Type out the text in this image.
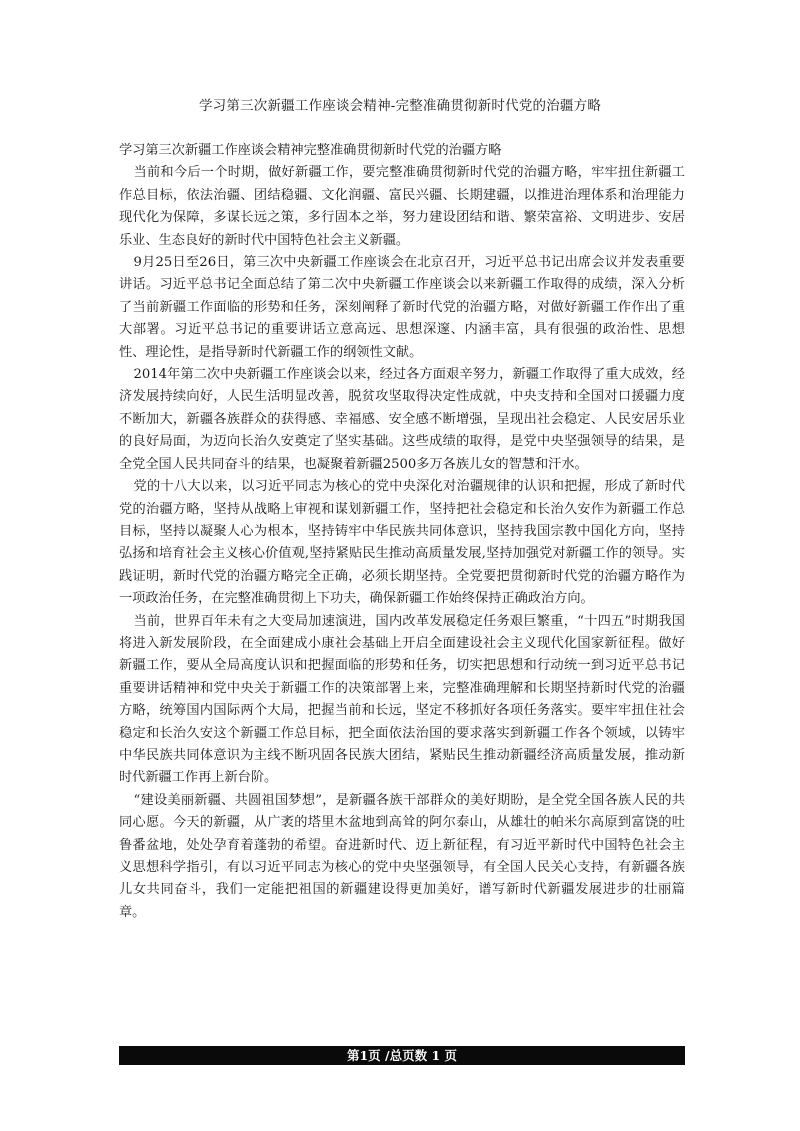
学习第三次新疆工作座谈会精神-完整准确贯彻新时代党的治疆方略

学习第三次新疆工作座谈会精神完整准确贯彻新时代党的治疆方略

当前和今后一个时期，做好新疆工作，要完整准确贯彻新时代党的治疆方略，牢牢扭住新疆工作总目标，依法治疆、团结稳疆、文化润疆、富民兴疆、长期建疆，以推进治理体系和治理能力现代化为保障，多谋长远之策，多行固本之举，努力建设团结和谐、繁荣富裕、文明进步、安居乐业、生态良好的新时代中国特色社会主义新疆。

9月25日至26日，第三次中央新疆工作座谈会在北京召开，习近平总书记出席会议并发表重要讲话。习近平总书记全面总结了第二次中央新疆工作座谈会以来新疆工作取得的成绩，深入分析了当前新疆工作面临的形势和任务，深刻阐释了新时代党的治疆方略，对做好新疆工作作出了重大部署。习近平总书记的重要讲话立意高远、思想深邃、内涵丰富，具有很强的政治性、思想性、理论性，是指导新时代新疆工作的纲领性文献。

2014年第二次中央新疆工作座谈会以来，经过各方面艰辛努力，新疆工作取得了重大成效，经济发展持续向好，人民生活明显改善，脱贫攻坚取得决定性成就，中央支持和全国对口援疆力度不断加大，新疆各族群众的获得感、幸福感、安全感不断增强，呈现出社会稳定、人民安居乐业的良好局面，为迈向长治久安奠定了坚实基础。这些成绩的取得，是党中央坚强领导的结果，是全党全国人民共同奋斗的结果，也凝聚着新疆2500多万各族儿女的智慧和汗水。

党的十八大以来，以习近平同志为核心的党中央深化对治疆规律的认识和把握，形成了新时代党的治疆方略，坚持从战略上审视和谋划新疆工作，坚持把社会稳定和长治久安作为新疆工作总目标，坚持以凝聚人心为根本，坚持铸牢中华民族共同体意识，坚持我国宗教中国化方向，坚持弘扬和培育社会主义核心价值观,坚持紧贴民生推动高质量发展,坚持加强党对新疆工作的领导。实践证明，新时代党的治疆方略完全正确，必须长期坚持。全党要把贯彻新时代党的治疆方略作为一项政治任务，在完整准确贯彻上下功夫，确保新疆工作始终保持正确政治方向。

当前，世界百年未有之大变局加速演进，国内改革发展稳定任务艰巨繁重，“十四五”时期我国将进入新发展阶段，在全面建成小康社会基础上开启全面建设社会主义现代化国家新征程。做好新疆工作，要从全局高度认识和把握面临的形势和任务，切实把思想和行动统一到习近平总书记重要讲话精神和党中央关于新疆工作的决策部署上来，完整准确理解和长期坚持新时代党的治疆方略，统筹国内国际两个大局，把握当前和长远，坚定不移抓好各项任务落实。要牢牢扭住社会稳定和长治久安这个新疆工作总目标，把全面依法治国的要求落实到新疆工作各个领域，以铸牢中华民族共同体意识为主线不断巩固各民族大团结，紧贴民生推动新疆经济高质量发展，推动新时代新疆工作再上新台阶。

“建设美丽新疆、共圆祖国梦想”，是新疆各族干部群众的美好期盼，是全党全国各族人民的共同心愿。今天的新疆，从广袤的塔里木盆地到高耸的阿尔泰山，从雄壮的帕米尔高原到富饶的吐鲁番盆地，处处孕育着蓬勃的希望。奋进新时代、迈上新征程，有习近平新时代中国特色社会主义思想科学指引，有以习近平同志为核心的党中央坚强领导，有全国人民关心支持，有新疆各族儿女共同奋斗，我们一定能把祖国的新疆建设得更加美好，谱写新时代新疆发展进步的壮丽篇章。

第1页 /总页数 1 页
